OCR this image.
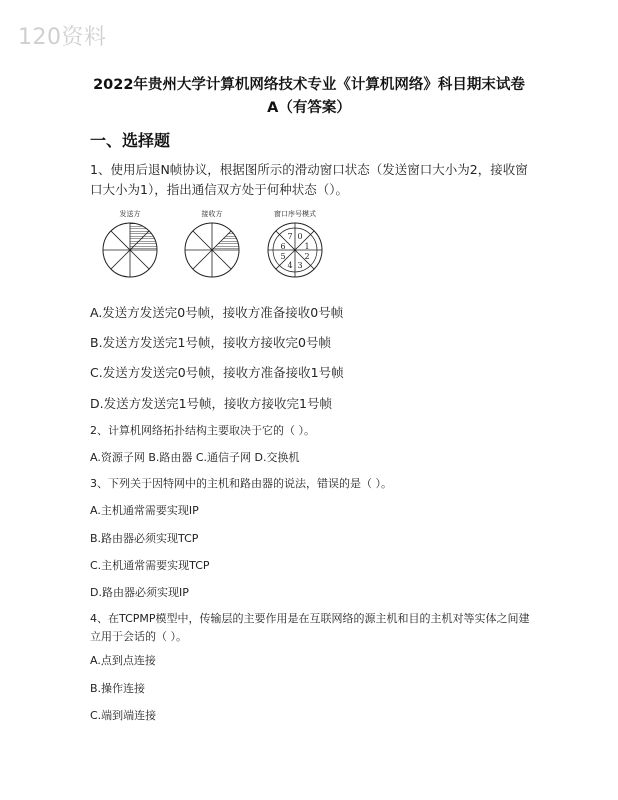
120资料
2022年贵州大学计算机网络技术专业《计算机网络》科目期末试卷
A（有答案）
一、选择题
1、使用后退N帧协议，根据图所示的滑动窗口状态（发送窗口大小为2，接收窗口大小为1），指出通信双方处于何种状态（）。
发送方	接收方	窗口序号模式
0
1
2
3
4
5
6
7
A.发送方发送完0号帧，接收方准备接收0号帧
B.发送方发送完1号帧，接收方接收完0号帧
C.发送方发送完0号帧，接收方准备接收1号帧
D.发送方发送完1号帧，接收方接收完1号帧
2、计算机网络拓扑结构主要取决于它的（ ）。
A.资源子网 B.路由器 C.通信子网 D.交换机
3、下列关于因特网中的主机和路由器的说法，错误的是（ ）。
A.主机通常需要实现IP
B.路由器必须实现TCP
C.主机通常需要实现TCP
D.路由器必须实现IP
4、在TCPMP模型中，传输层的主要作用是在互联网络的源主机和目的主机对等实体之间建立用于会话的（ ）。
A.点到点连接
B.操作连接
C.端到端连接
